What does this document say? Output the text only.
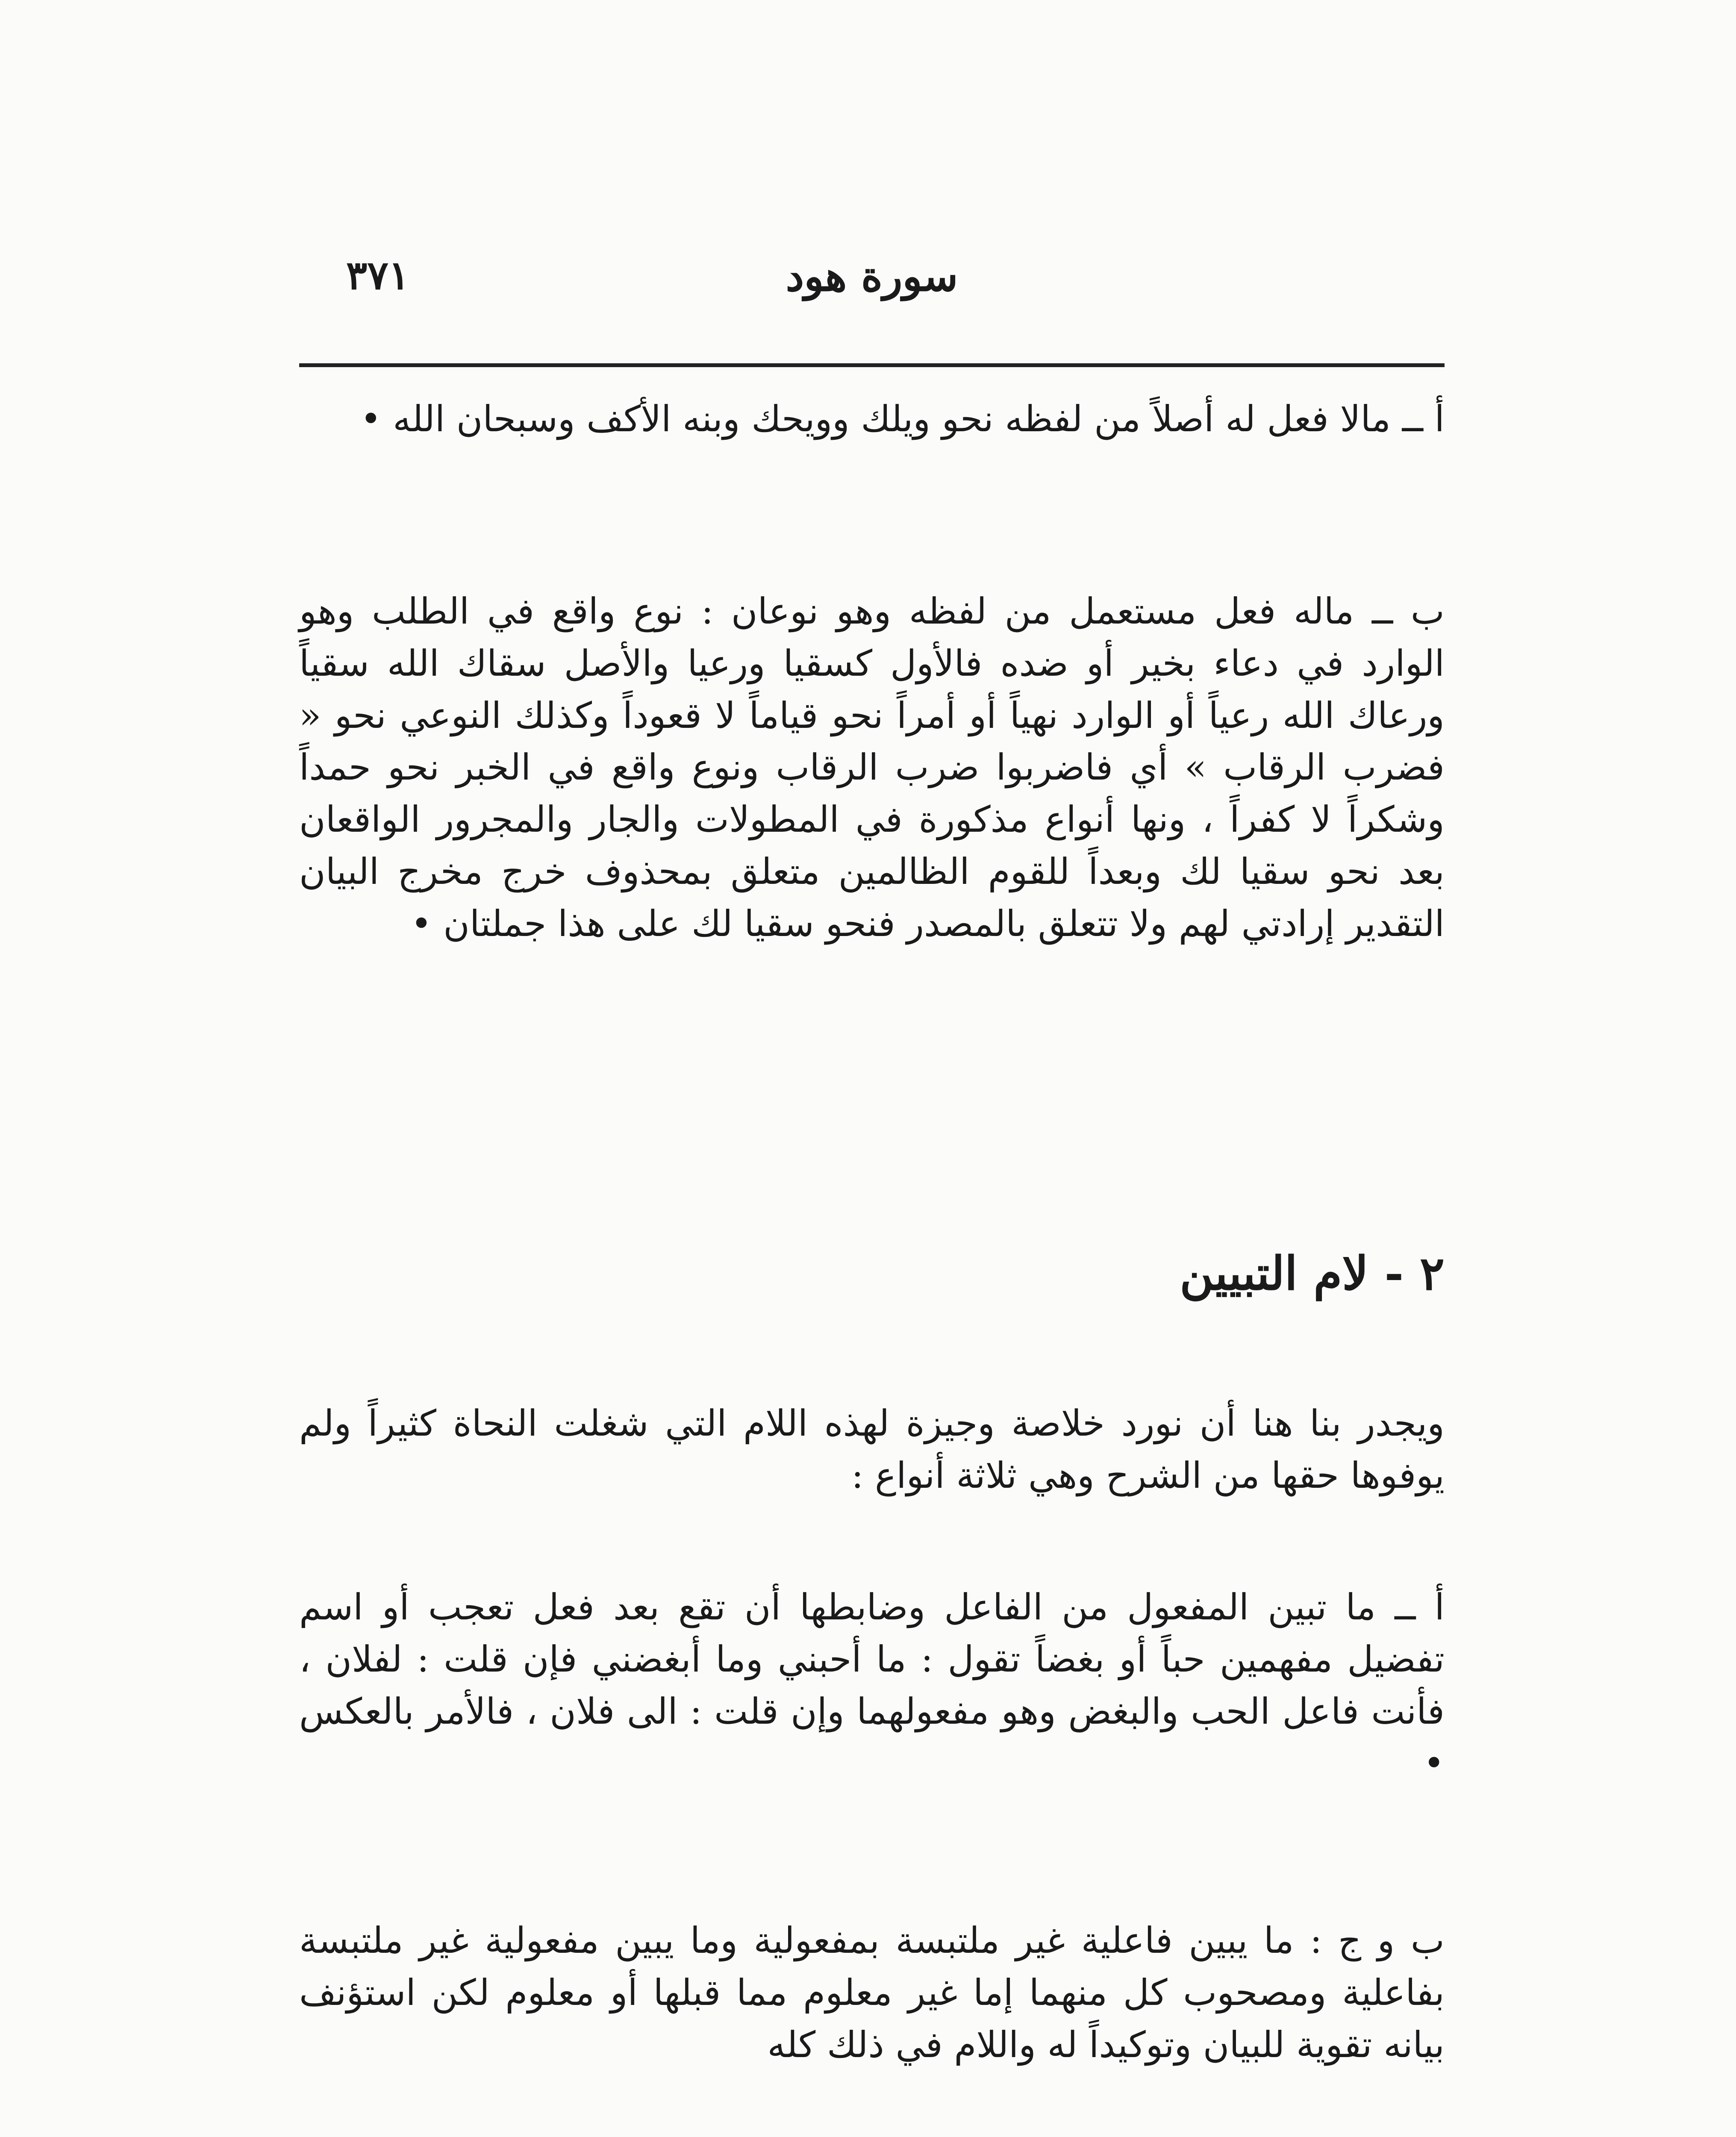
سورة هود
٣٧١
أ ــ مالا فعل له أصلاً من لفظه نحو ويلك وويحك وبنه الأكف وسبحان الله •
ب ــ ماله فعل مستعمل من لفظه وهو نوعان : نوع واقع في الطلب وهو الوارد في دعاء بخير أو ضده فالأول كسقيا ورعيا والأصل سقاك الله سقياً ورعاك الله رعياً أو الوارد نهياً أو أمراً نحو قياماً لا قعوداً وكذلك النوعي نحو « فضرب الرقاب » أي فاضربوا ضرب الرقاب ونوع واقع في الخبر نحو حمداً وشكراً لا كفراً ، ونها أنواع مذكورة في المطولات والجار والمجرور الواقعان بعد نحو سقيا لك وبعداً للقوم الظالمين متعلق بمحذوف خرج مخرج البيان التقدير إرادتي لهم ولا تتعلق بالمصدر فنحو سقيا لك على هذا جملتان •
٢ - لام التبيين
ويجدر بنا هنا أن نورد خلاصة وجيزة لهذه اللام التي شغلت النحاة كثيراً ولم يوفوها حقها من الشرح وهي ثلاثة أنواع :
أ ــ ما تبين المفعول من الفاعل وضابطها أن تقع بعد فعل تعجب أو اسم تفضيل مفهمين حباً أو بغضاً تقول : ما أحبني وما أبغضني فإن قلت : لفلان ، فأنت فاعل الحب والبغض وهو مفعولهما وإن قلت : الى فلان ، فالأمر بالعكس •
ب و ج : ما يبين فاعلية غير ملتبسة بمفعولية وما يبين مفعولية غير ملتبسة بفاعلية ومصحوب كل منهما إما غير معلوم مما قبلها أو معلوم لكن استؤنف بيانه تقوية للبيان وتوكيداً له واللام في ذلك كله
